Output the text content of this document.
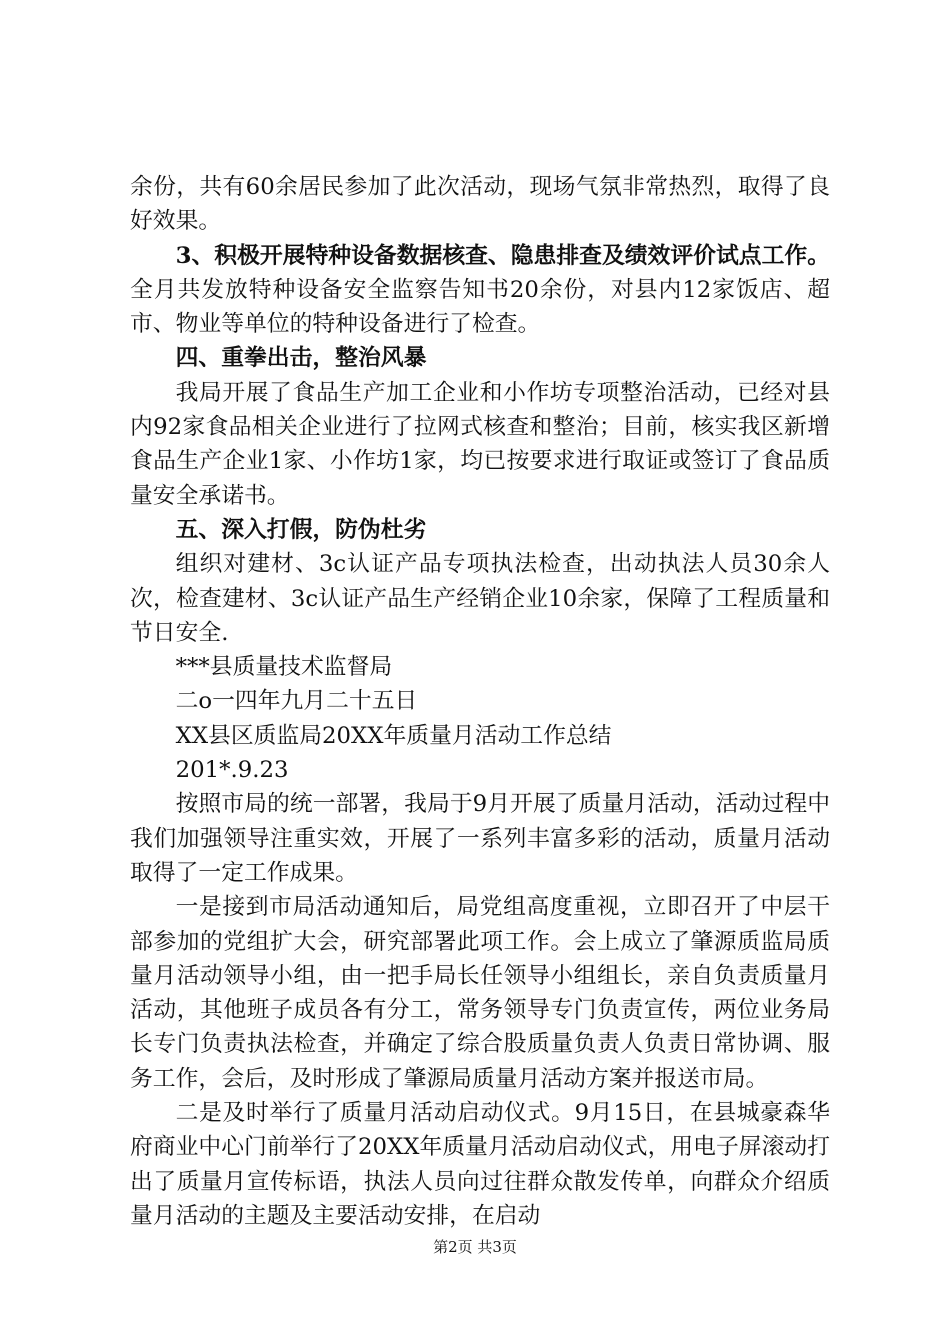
余份，共有60余居民参加了此次活动，现场气氛非常热烈，取得了良好效果。

3、积极开展特种设备数据核查、隐患排查及绩效评价试点工作。全月共发放特种设备安全监察告知书20余份，对县内12家饭店、超市、物业等单位的特种设备进行了检查。

四、重拳出击，整治风暴

我局开展了食品生产加工企业和小作坊专项整治活动，已经对县内92家食品相关企业进行了拉网式核查和整治；目前，核实我区新增食品生产企业1家、小作坊1家，均已按要求进行取证或签订了食品质量安全承诺书。

五、深入打假，防伪杜劣

组织对建材、3c认证产品专项执法检查，出动执法人员30余人次，检查建材、3c认证产品生产经销企业10余家，保障了工程质量和节日安全.

***县质量技术监督局

二o一四年九月二十五日

XX县区质监局20XX年质量月活动工作总结

201*.9.23

按照市局的统一部署，我局于9月开展了质量月活动，活动过程中我们加强领导注重实效，开展了一系列丰富多彩的活动，质量月活动取得了一定工作成果。

一是接到市局活动通知后，局党组高度重视，立即召开了中层干部参加的党组扩大会，研究部署此项工作。会上成立了肇源质监局质量月活动领导小组，由一把手局长任领导小组组长，亲自负责质量月活动，其他班子成员各有分工，常务领导专门负责宣传，两位业务局长专门负责执法检查，并确定了综合股质量负责人负责日常协调、服务工作，会后，及时形成了肇源局质量月活动方案并报送市局。

二是及时举行了质量月活动启动仪式。9月15日，在县城豪森华府商业中心门前举行了20XX年质量月活动启动仪式，用电子屏滚动打出了质量月宣传标语，执法人员向过往群众散发传单，向群众介绍质量月活动的主题及主要活动安排，在启动

第2页 共3页
